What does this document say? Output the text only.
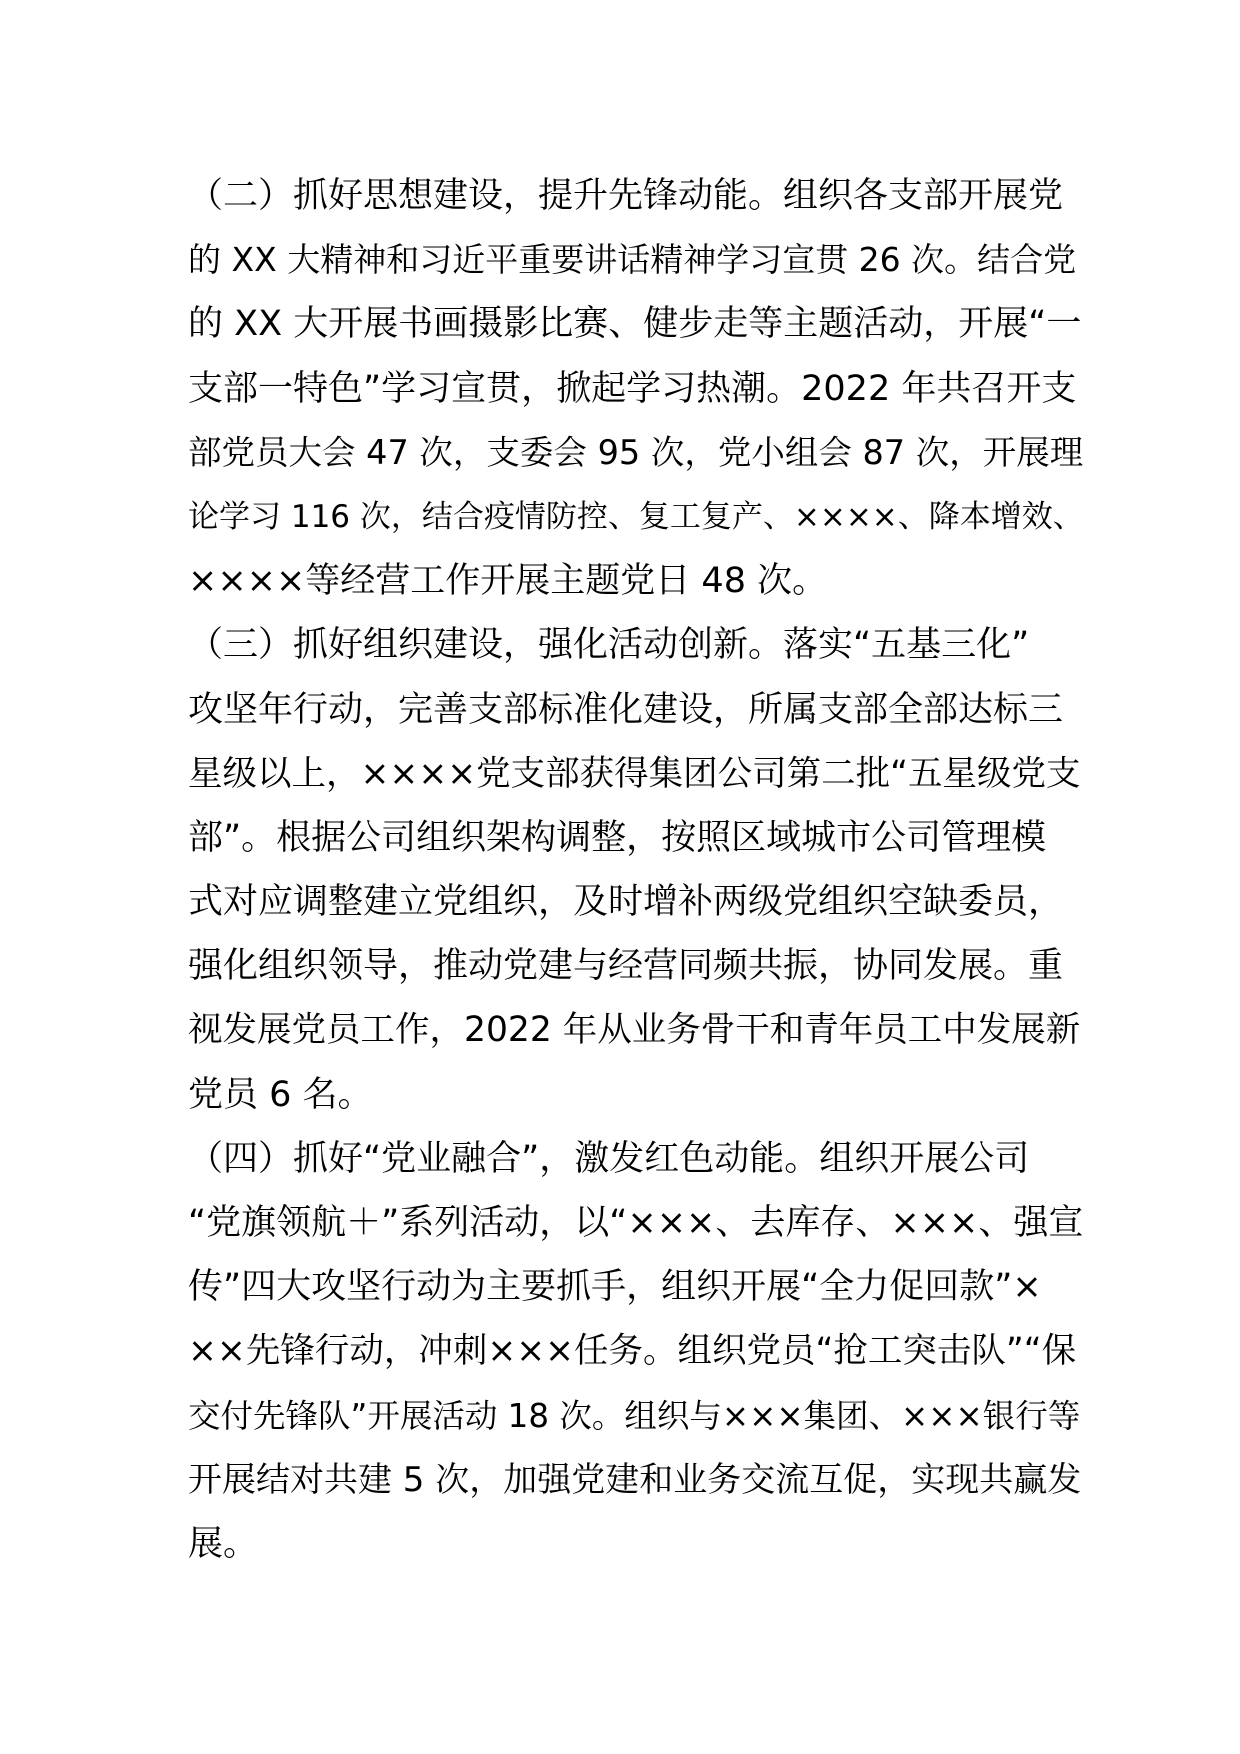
（二）抓好思想建设，提升先锋动能。组织各支部开展党
的 XX 大精神和习近平重要讲话精神学习宣贯 26 次。结合党
的 XX 大开展书画摄影比赛、健步走等主题活动，开展“一
支部一特色”学习宣贯，掀起学习热潮。2022 年共召开支
部党员大会 47 次，支委会 95 次，党小组会 87 次，开展理
论学习 116 次，结合疫情防控、复工复产、××××、降本增效、
××××等经营工作开展主题党日 48 次。
（三）抓好组织建设，强化活动创新。落实“五基三化”
攻坚年行动，完善支部标准化建设，所属支部全部达标三
星级以上，××××党支部获得集团公司第二批“五星级党支
部”。根据公司组织架构调整，按照区域城市公司管理模
式对应调整建立党组织，及时增补两级党组织空缺委员，
强化组织领导，推动党建与经营同频共振，协同发展。重
视发展党员工作，2022 年从业务骨干和青年员工中发展新
党员 6 名。
（四）抓好“党业融合”，激发红色动能。组织开展公司
“党旗领航＋”系列活动，以“×××、去库存、×××、强宣
传”四大攻坚行动为主要抓手，组织开展“全力促回款”×
××先锋行动，冲刺×××任务。组织党员“抢工突击队”“保
交付先锋队”开展活动 18 次。组织与×××集团、×××银行等
开展结对共建 5 次，加强党建和业务交流互促，实现共赢发
展。
